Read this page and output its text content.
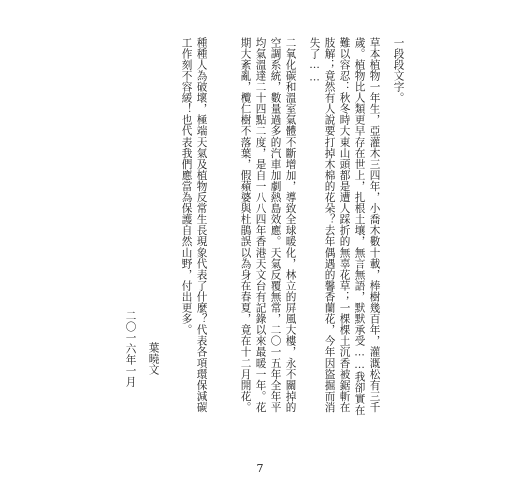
一段段文字。
草本植物一年生，亞灌木三四年，小喬木數十載，棒樹幾百年，灌溉松有三千
歲。植物比人類更早存在世上，扎根土壤，無言無語，默默承受……我卻實在
難以容忍：秋冬時大東山頭都是遭人踩折的無辜花草；一棵棵土沉香被鋸斬在
肢解；竟然有人說要打掉木棉的花朵？去年偶遇的馨香蘭花，今年因盜掘而消
失了……
二氧化碳和溫室氣體不斷增加，導致全球暖化，林立的屏風大樓，永不關掉的
空調系統，數量過多的汽車加劇熱島效應。天氣反覆無常，二〇一五年全年平
均氣溫達二十四點二度，是自一八八四年香港天文台有記錄以來最暖一年。花
期大紊亂，欖仁樹不落葉，假蘋婆與杜鵑誤以為身在春夏，竟在十二月開花。
種種人為破壞，極端天氣及植物反常生長現象代表了什麼？代表各項環保減碳
工作刻不容緩！也代表我們應當為保護自然山野，付出更多。
葉曉文
二〇一六年一月
7
